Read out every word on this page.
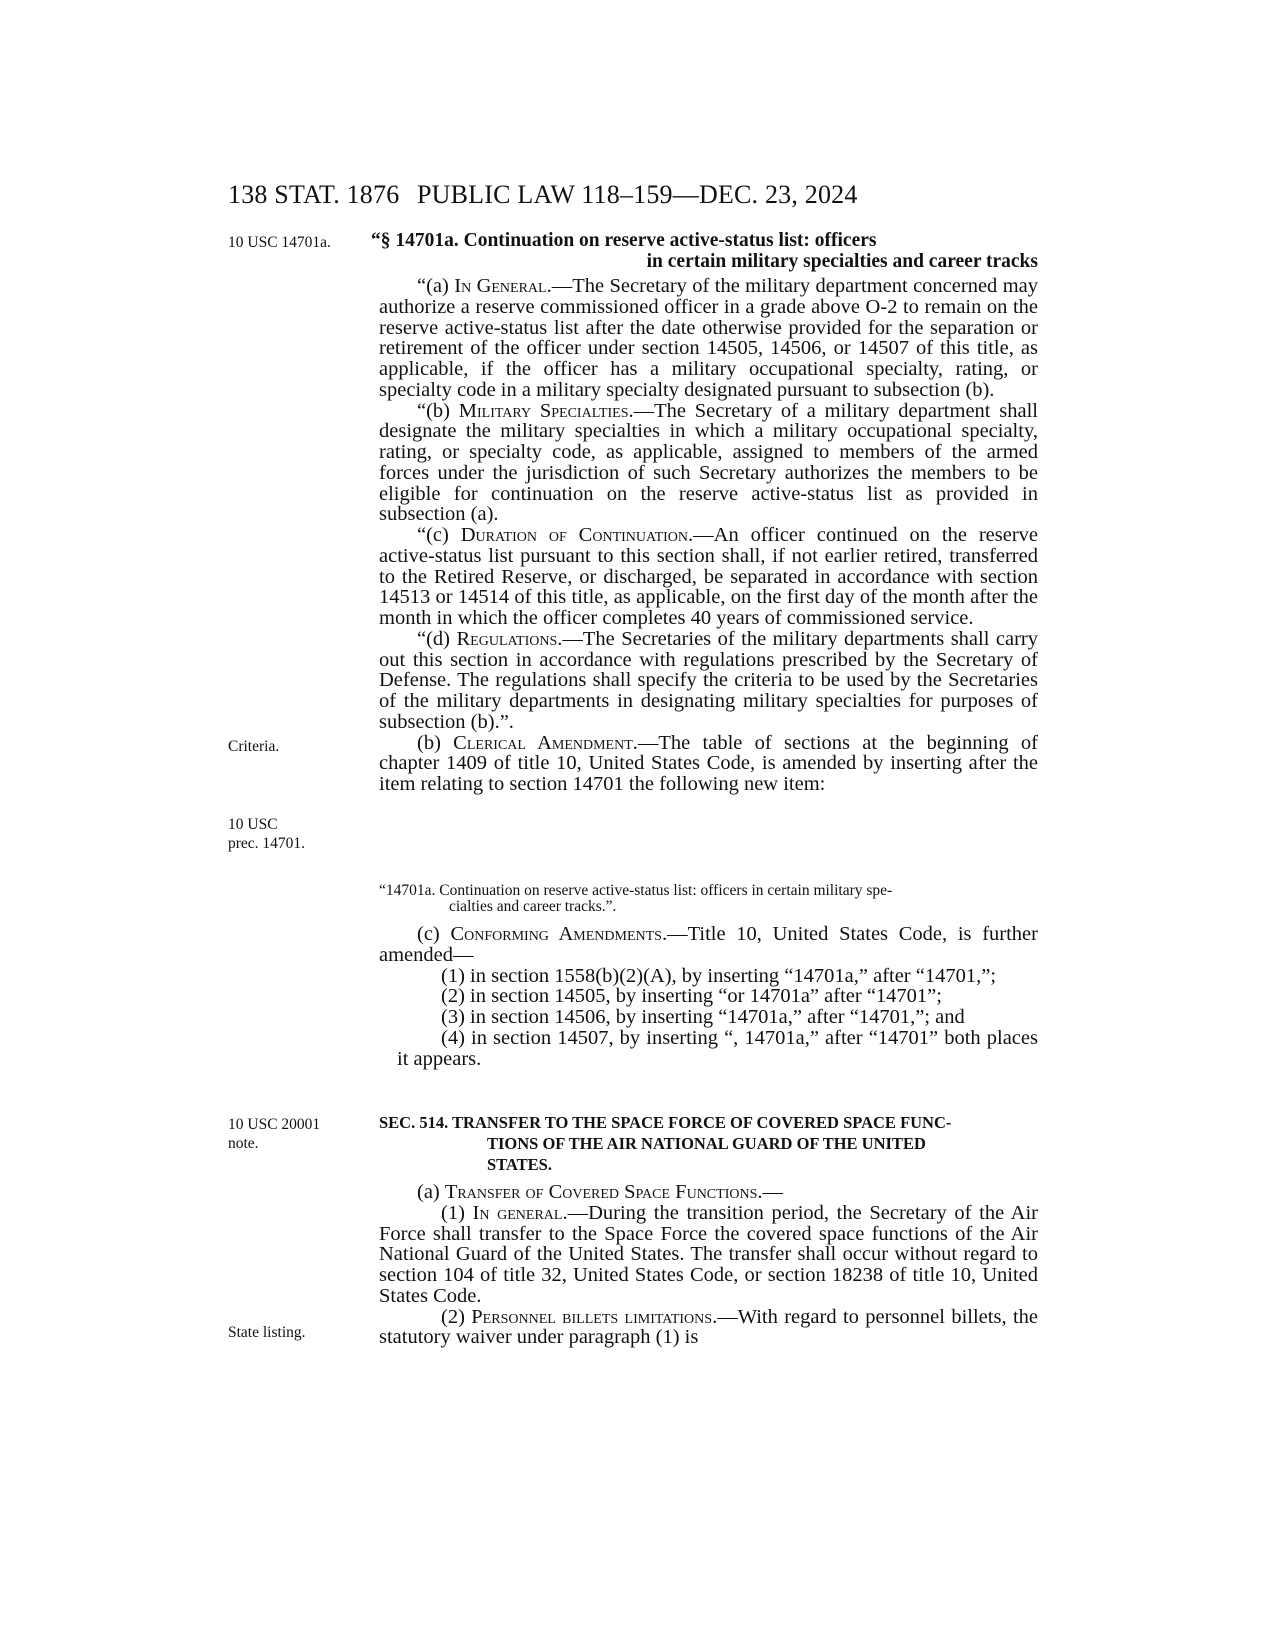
138 STAT. 1876 PUBLIC LAW 118–159—DEC. 23, 2024
10 USC 14701a.
Criteria.
10 USC
prec. 14701.
10 USC 20001
note.
State listing.
“§ 14701a. Continuation on reserve active-status list: officers
in certain military specialties and career tracks

“(a) In General.—The Secretary of the military department concerned may authorize a reserve commissioned officer in a grade above O-2 to remain on the reserve active-status list after the date otherwise provided for the separation or retirement of the officer under section 14505, 14506, or 14507 of this title, as applicable, if the officer has a military occupational specialty, rating, or specialty code in a military specialty designated pursuant to subsection (b).

“(b) Military Specialties.—The Secretary of a military department shall designate the military specialties in which a military occupational specialty, rating, or specialty code, as applicable, assigned to members of the armed forces under the jurisdiction of such Secretary authorizes the members to be eligible for continuation on the reserve active-status list as provided in subsection (a).

“(c) Duration of Continuation.—An officer continued on the reserve active-status list pursuant to this section shall, if not earlier retired, transferred to the Retired Reserve, or discharged, be separated in accordance with section 14513 or 14514 of this title, as applicable, on the first day of the month after the month in which the officer completes 40 years of commissioned service.

“(d) Regulations.—The Secretaries of the military departments shall carry out this section in accordance with regulations prescribed by the Secretary of Defense. The regulations shall specify the criteria to be used by the Secretaries of the military departments in designating military specialties for purposes of subsection (b).”.

(b) Clerical Amendment.—The table of sections at the beginning of chapter 1409 of title 10, United States Code, is amended by inserting after the item relating to section 14701 the following new item:

“14701a. Continuation on reserve active-status list: officers in certain military spe-
cialties and career tracks.”.

(c) Conforming Amendments.—Title 10, United States Code, is further amended—

(1) in section 1558(b)(2)(A), by inserting “14701a,” after “14701,”;

(2) in section 14505, by inserting “or 14701a” after “14701”;

(3) in section 14506, by inserting “14701a,” after “14701,”; and

(4) in section 14507, by inserting “, 14701a,” after “14701” both places it appears.

SEC. 514. TRANSFER TO THE SPACE FORCE OF COVERED SPACE FUNC-
TIONS OF THE AIR NATIONAL GUARD OF THE UNITED
STATES.

(a) Transfer of Covered Space Functions.—

(1) In general.—During the transition period, the Secretary of the Air Force shall transfer to the Space Force the covered space functions of the Air National Guard of the United States. The transfer shall occur without regard to section 104 of title 32, United States Code, or section 18238 of title 10, United States Code.

(2) Personnel billets limitations.—With regard to personnel billets, the statutory waiver under paragraph (1) is
